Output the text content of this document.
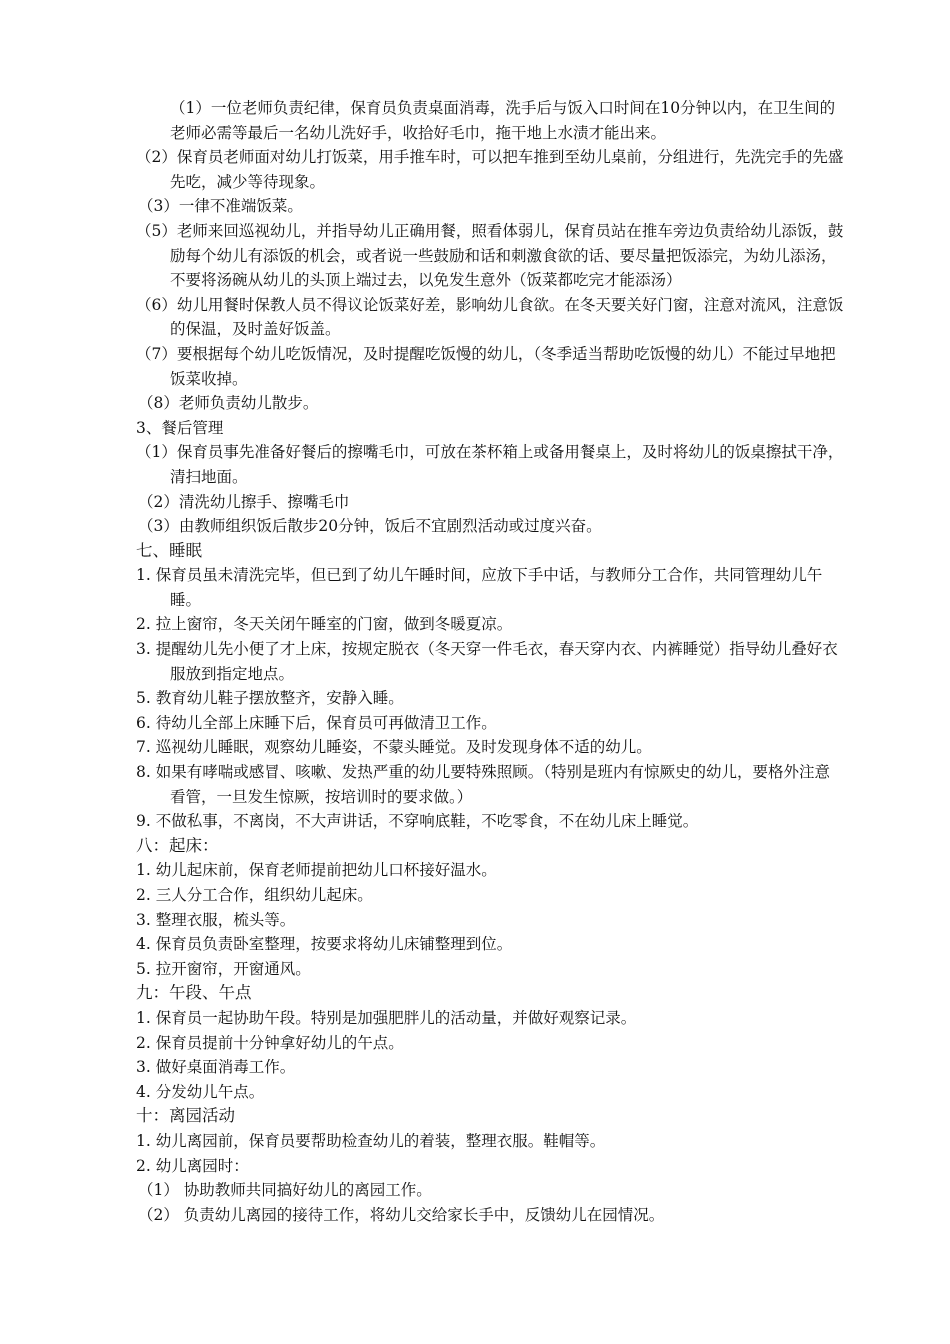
（1）一位老师负责纪律，保育员负责桌面消毒，洗手后与饭入口时间在10分钟以内，在卫生间的
老师必需等最后一名幼儿洗好手，收拾好毛巾，拖干地上水渍才能出来。
（2）保育员老师面对幼儿打饭菜，用手推车时，可以把车推到至幼儿桌前，分组进行，先洗完手的先盛
先吃，减少等待现象。
（3）一律不准端饭菜。
（5）老师来回巡视幼儿，并指导幼儿正确用餐，照看体弱儿，保育员站在推车旁边负责给幼儿添饭，鼓
励每个幼儿有添饭的机会，或者说一些鼓励和话和刺激食欲的话、要尽量把饭添完，为幼儿添汤，
不要将汤碗从幼儿的头顶上端过去，以免发生意外（饭菜都吃完才能添汤）
（6）幼儿用餐时保教人员不得议论饭菜好差，影响幼儿食欲。在冬天要关好门窗，注意对流风，注意饭
的保温，及时盖好饭盖。
（7）要根据每个幼儿吃饭情况，及时提醒吃饭慢的幼儿，（冬季适当帮助吃饭慢的幼儿）不能过早地把
饭菜收掉。
（8）老师负责幼儿散步。
3、餐后管理
（1）保育员事先准备好餐后的擦嘴毛巾，可放在茶杯箱上或备用餐桌上，及时将幼儿的饭桌擦拭干净，
清扫地面。
（2）清洗幼儿擦手、擦嘴毛巾
（3）由教师组织饭后散步20分钟，饭后不宜剧烈活动或过度兴奋。
七、睡眠
1. 保育员虽未清洗完毕，但已到了幼儿午睡时间，应放下手中话，与教师分工合作，共同管理幼儿午
睡。
2. 拉上窗帘，冬天关闭午睡室的门窗，做到冬暖夏凉。
3. 提醒幼儿先小便了才上床，按规定脱衣（冬天穿一件毛衣，春天穿内衣、内裤睡觉）指导幼儿叠好衣
服放到指定地点。
5. 教育幼儿鞋子摆放整齐，安静入睡。
6. 待幼儿全部上床睡下后，保育员可再做清卫工作。
7. 巡视幼儿睡眠，观察幼儿睡姿，不蒙头睡觉。及时发现身体不适的幼儿。
8. 如果有哮喘或感冒、咳嗽、发热严重的幼儿要特殊照顾。（特别是班内有惊厥史的幼儿，要格外注意
看管，一旦发生惊厥，按培训时的要求做。）
9. 不做私事，不离岗，不大声讲话，不穿响底鞋，不吃零食，不在幼儿床上睡觉。
八：起床：
1. 幼儿起床前，保育老师提前把幼儿口杯接好温水。
2. 三人分工合作，组织幼儿起床。
3. 整理衣服，梳头等。
4. 保育员负责卧室整理，按要求将幼儿床铺整理到位。
5. 拉开窗帘，开窗通风。
九：午段、午点
1. 保育员一起协助午段。特别是加强肥胖儿的活动量，并做好观察记录。
2. 保育员提前十分钟拿好幼儿的午点。
3. 做好桌面消毒工作。
4. 分发幼儿午点。
十：离园活动
1. 幼儿离园前，保育员要帮助检查幼儿的着装，整理衣服。鞋帽等。
2. 幼儿离园时：
（1） 协助教师共同搞好幼儿的离园工作。
（2） 负责幼儿离园的接待工作，将幼儿交给家长手中，反馈幼儿在园情况。
